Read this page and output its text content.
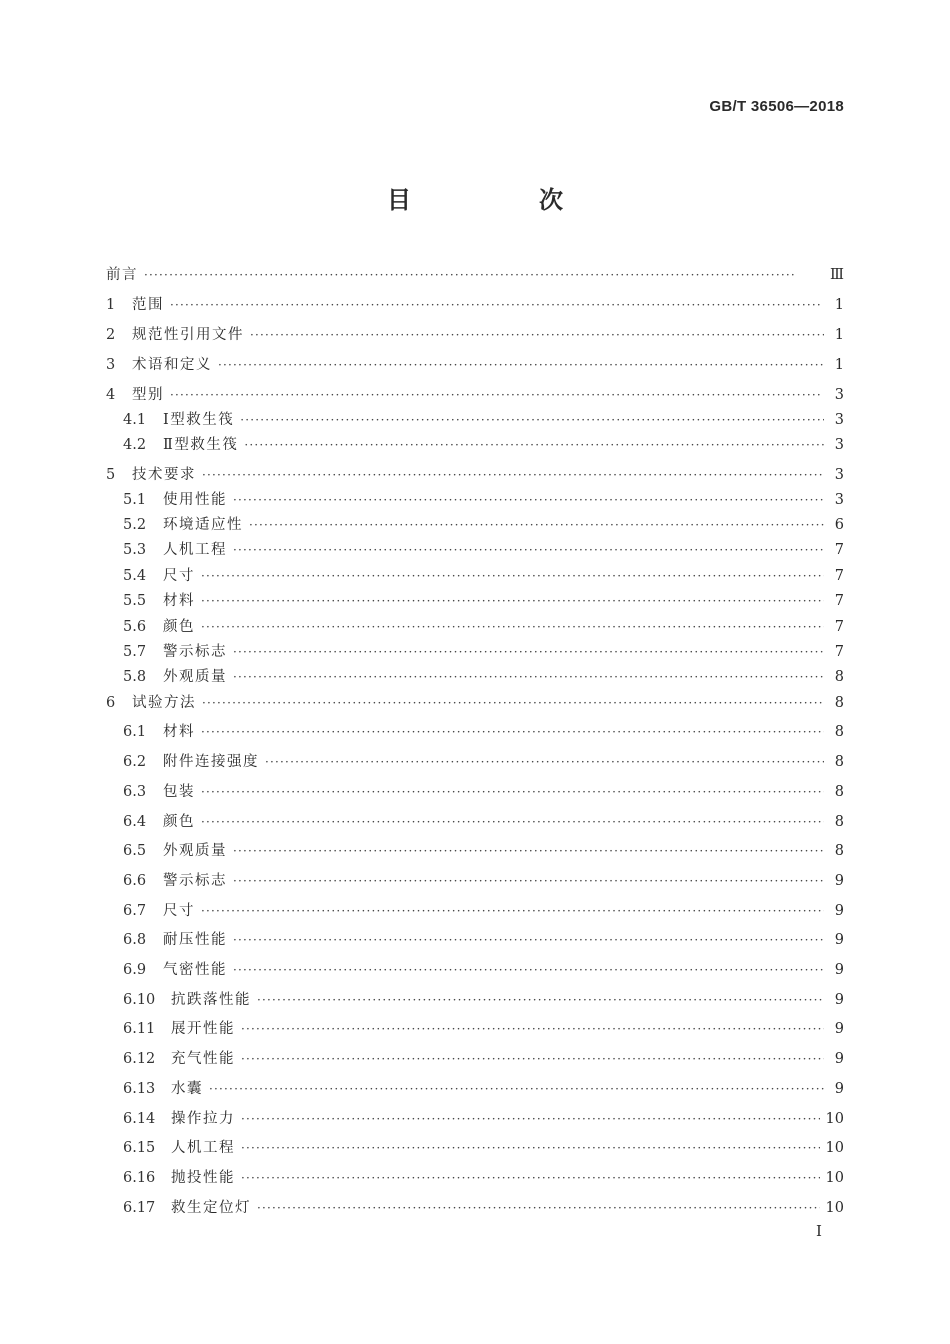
GB/T 36506—2018
目　次
前言 ·····	Ⅲ
1	范围 ·····	1
2	规范性引用文件 ·····	1
3	术语和定义 ·····	1
4	型别 ·····	3
4.1	Ⅰ型救生筏 ·····	3
4.2	Ⅱ型救生筏 ·····	3
5	技术要求 ·····	3
5.1	使用性能 ·····	3
5.2	环境适应性 ·····	6
5.3	人机工程 ·····	7
5.4	尺寸 ·····	7
5.5	材料 ·····	7
5.6	颜色 ·····	7
5.7	警示标志 ·····	7
5.8	外观质量 ·····	8
6	试验方法 ·····	8
6.1	材料 ·····	8
6.2	附件连接强度 ·····	8
6.3	包装 ·····	8
6.4	颜色 ·····	8
6.5	外观质量 ·····	8
6.6	警示标志 ·····	9
6.7	尺寸 ·····	9
6.8	耐压性能 ·····	9
6.9	气密性能 ·····	9
6.10	抗跌落性能 ·····	9
6.11	展开性能 ·····	9
6.12	充气性能 ·····	9
6.13	水囊 ·····	9
6.14	操作拉力 ·····	10
6.15	人机工程 ·····	10
6.16	抛投性能 ·····	10
6.17	救生定位灯 ·····	10
I
